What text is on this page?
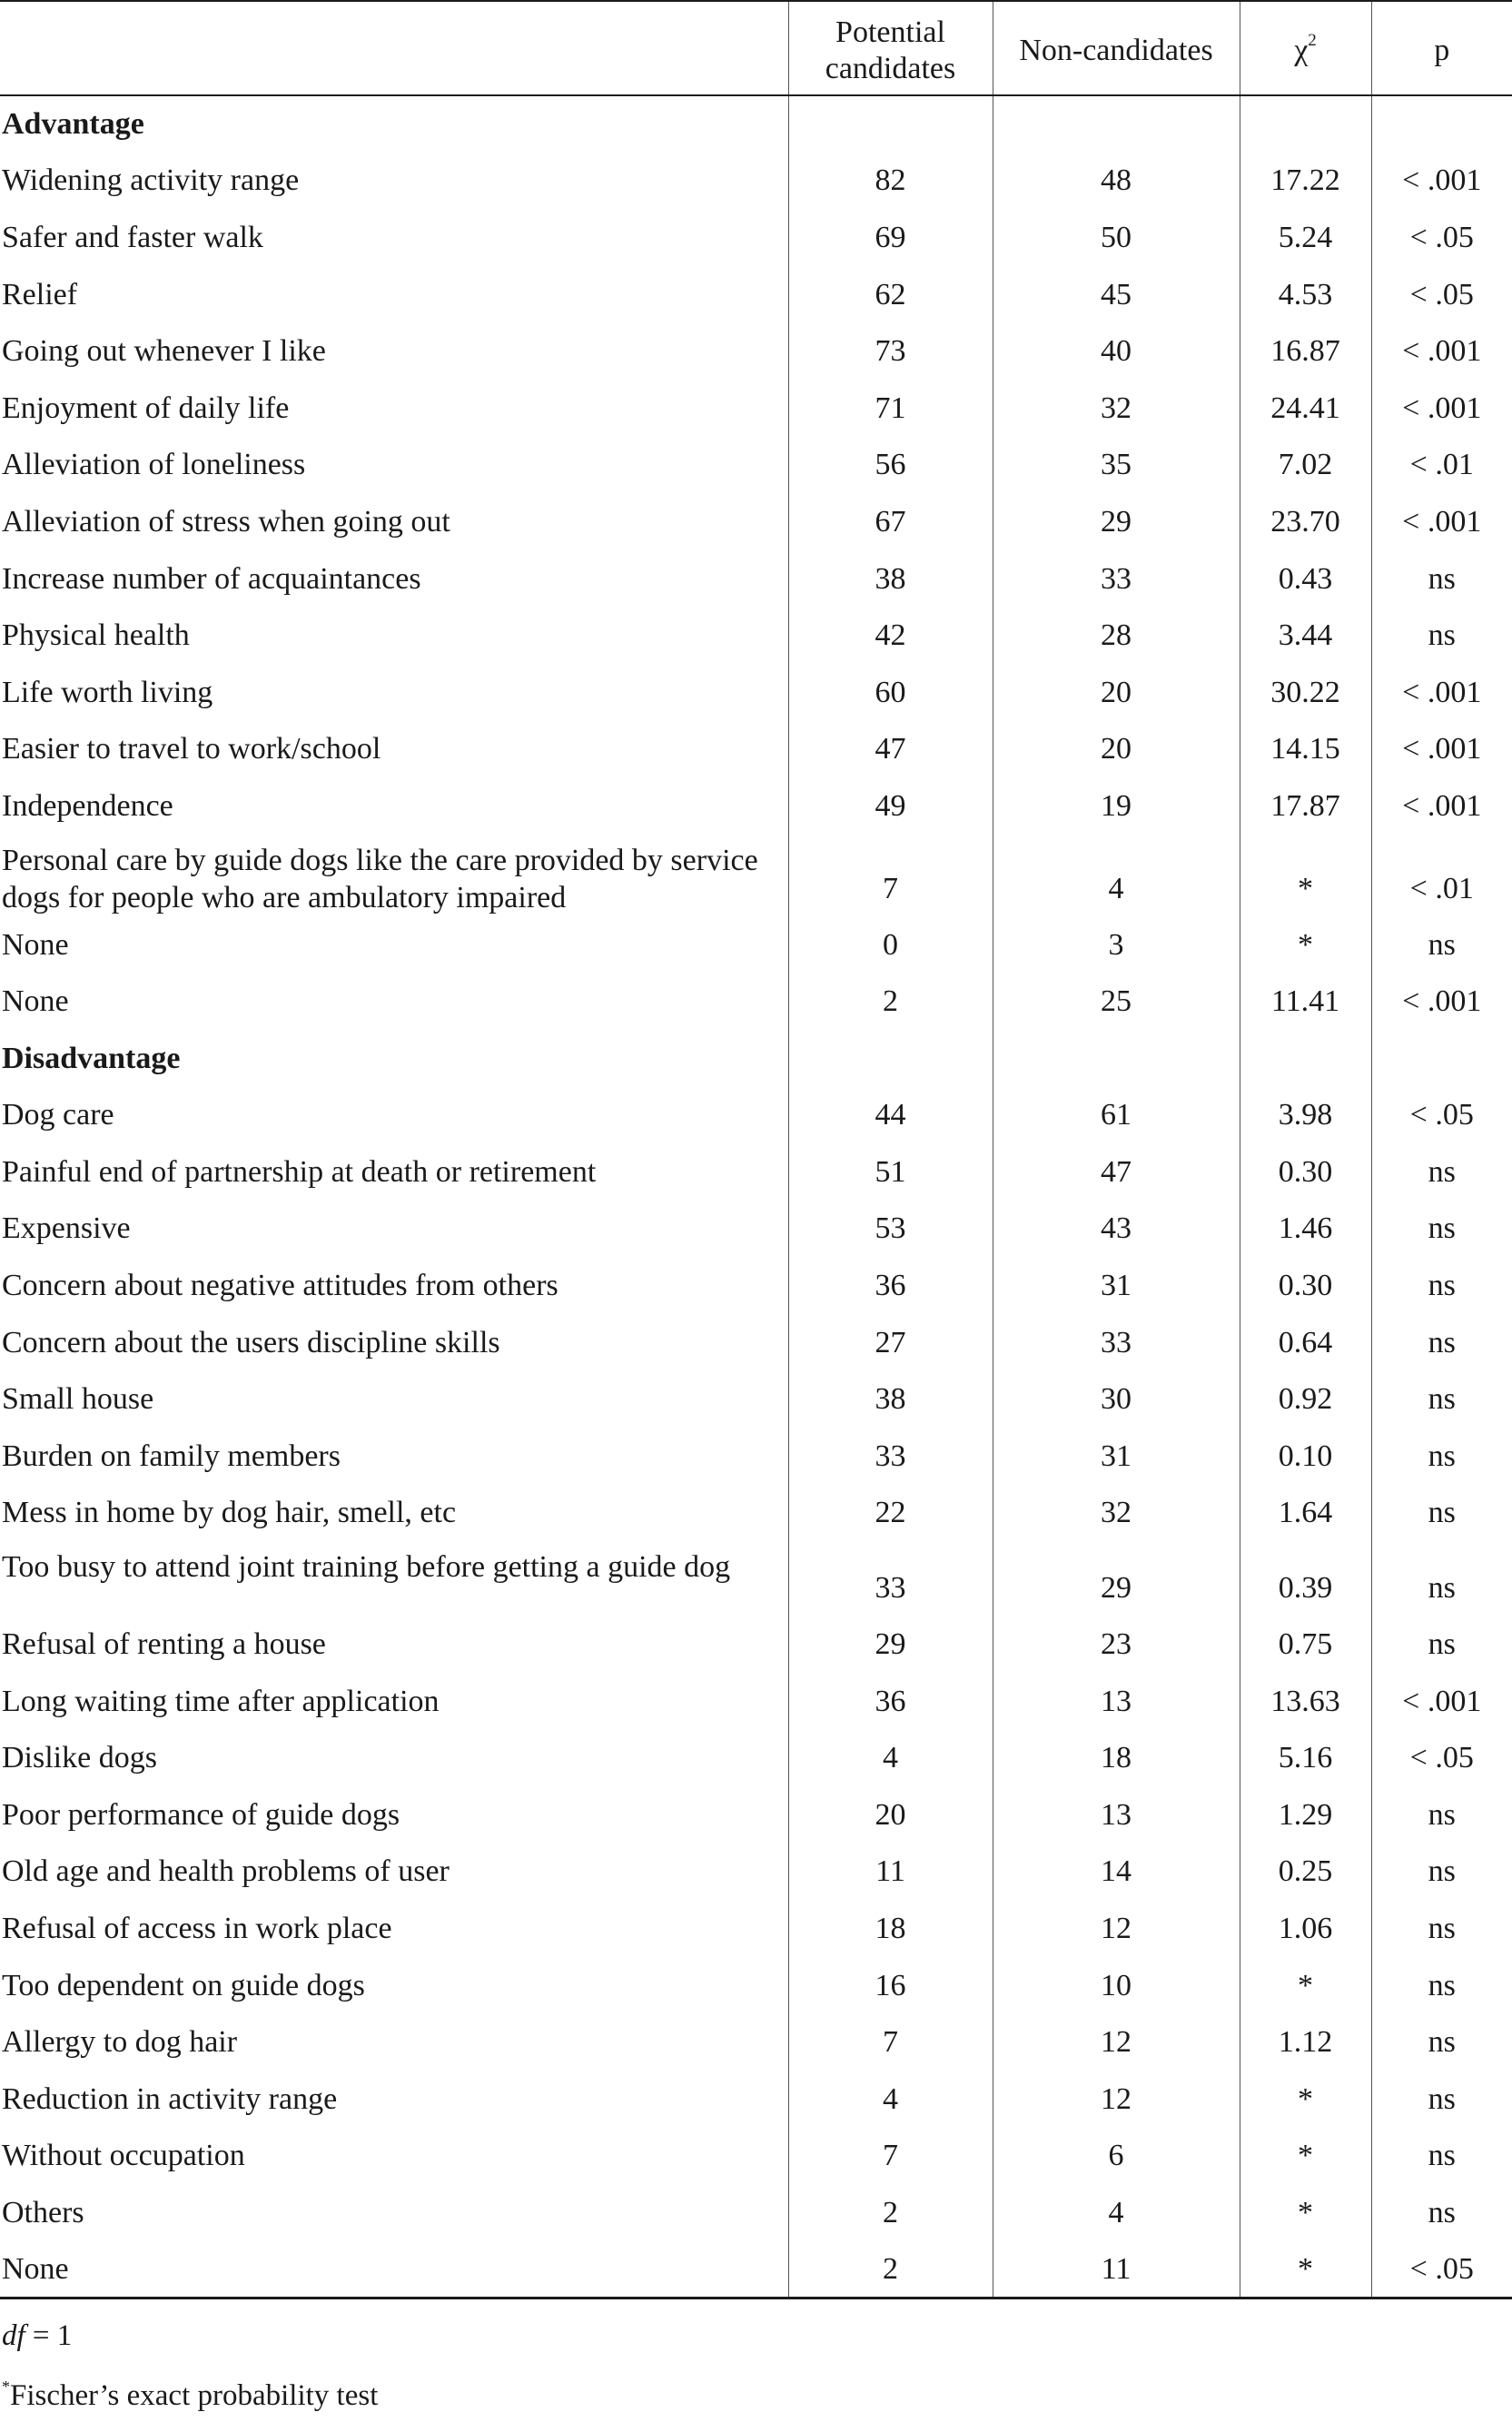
	Potential candidates	Non-candidates	$\chi^2$	p
Advantage				
Widening activity range	82	48	17.22	< .001
Safer and faster walk	69	50	5.24	< .05
Relief	62	45	4.53	< .05
Going out whenever I like	73	40	16.87	< .001
Enjoyment of daily life	71	32	24.41	< .001
Alleviation of loneliness	56	35	7.02	< .01
Alleviation of stress when going out	67	29	23.70	< .001
Increase number of acquaintances	38	33	0.43	ns
Physical health	42	28	3.44	ns
Life worth living	60	20	30.22	< .001
Easier to travel to work/school	47	20	14.15	< .001
Independence	49	19	17.87	< .001
Personal care by guide dogs like the care provided by service dogs for people who are ambulatory impaired	7	4	*	< .01
None	0	3	*	ns
None	2	25	11.41	< .001
Disadvantage				
Dog care	44	61	3.98	< .05
Painful end of partnership at death or retirement	51	47	0.30	ns
Expensive	53	43	1.46	ns
Concern about negative attitudes from others	36	31	0.30	ns
Concern about the users discipline skills	27	33	0.64	ns
Small house	38	30	0.92	ns
Burden on family members	33	31	0.10	ns
Mess in home by dog hair, smell, etc	22	32	1.64	ns
Too busy to attend joint training before getting a guide dog	33	29	0.39	ns
Refusal of renting a house	29	23	0.75	ns
Long waiting time after application	36	13	13.63	< .001
Dislike dogs	4	18	5.16	< .05
Poor performance of guide dogs	20	13	1.29	ns
Old age and health problems of user	11	14	0.25	ns
Refusal of access in work place	18	12	1.06	ns
Too dependent on guide dogs	16	10	*	ns
Allergy to dog hair	7	12	1.12	ns
Reduction in activity range	4	12	*	ns
Without occupation	7	6	*	ns
Others	2	4	*	ns
None	2	11	*	< .05
df = 1
*Fischer’s exact probability test
